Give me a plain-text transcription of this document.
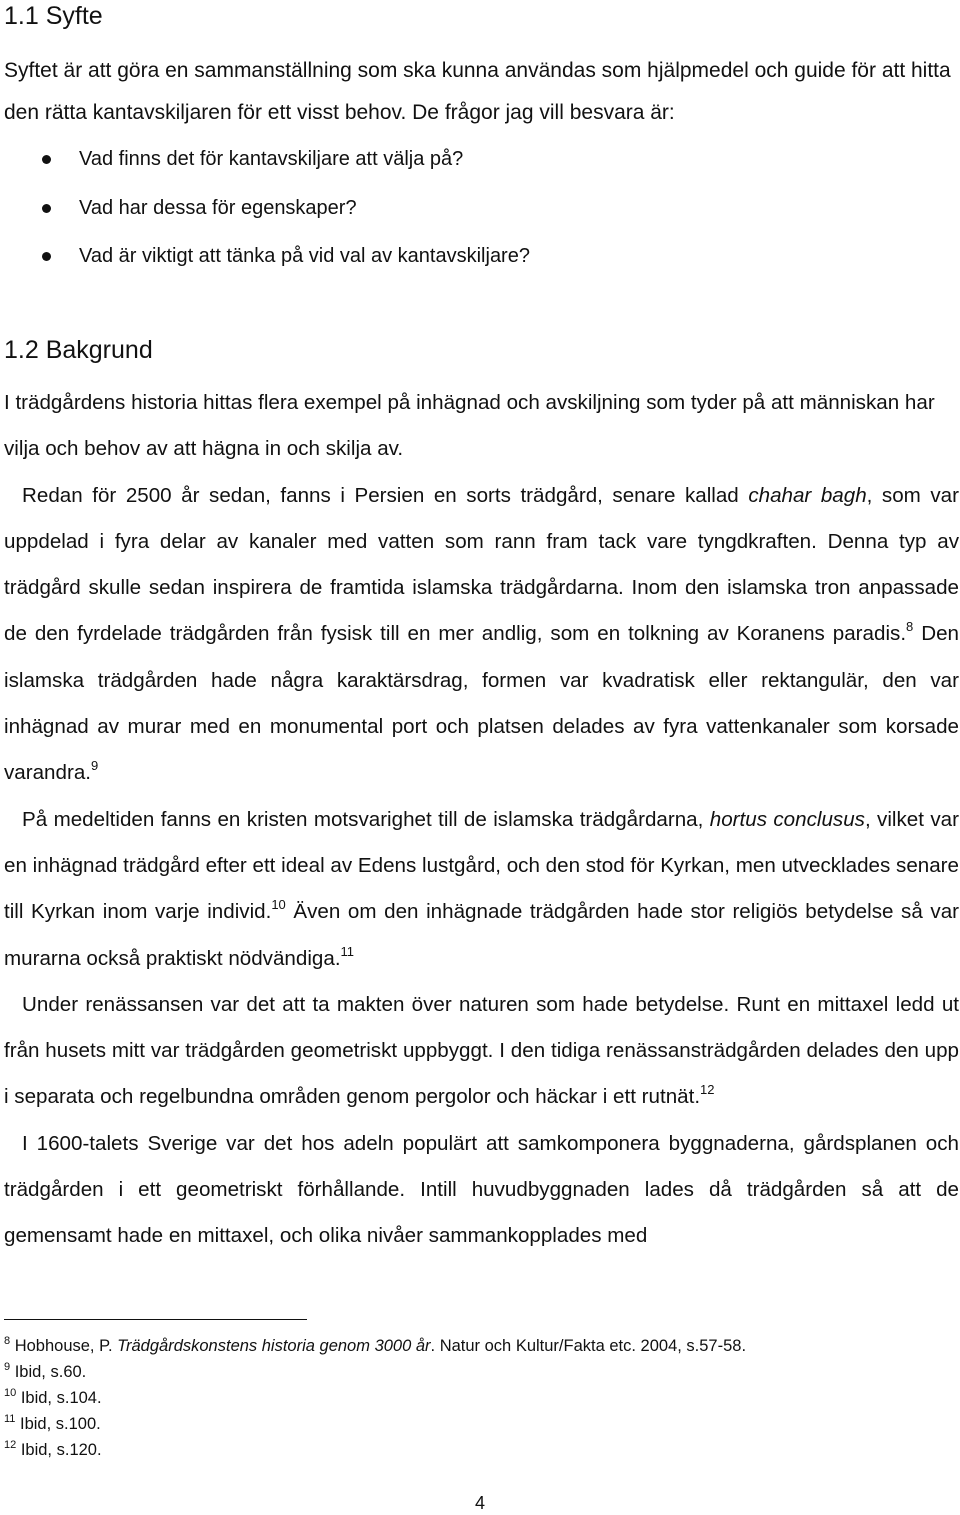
1.1 Syfte

Syftet är att göra en sammanställning som ska kunna användas som hjälpmedel och guide för att hitta den rätta kantavskiljaren för ett visst behov. De frågor jag vill besvara är:

Vad finns det för kantavskiljare att välja på?
Vad har dessa för egenskaper?
Vad är viktigt att tänka på vid val av kantavskiljare?
1.2 Bakgrund

I trädgårdens historia hittas flera exempel på inhägnad och avskiljning som tyder på att människan har vilja och behov av att hägna in och skilja av.

Redan för 2500 år sedan, fanns i Persien en sorts trädgård, senare kallad chahar bagh, som var uppdelad i fyra delar av kanaler med vatten som rann fram tack vare tyngdkraften. Denna typ av trädgård skulle sedan inspirera de framtida islamska trädgårdarna. Inom den islamska tron anpassade de den fyrdelade trädgården från fysisk till en mer andlig, som en tolkning av Koranens paradis.$^8$ Den islamska trädgården hade några karaktärsdrag, formen var kvadratisk eller rektangulär, den var inhägnad av murar med en monumental port och platsen delades av fyra vattenkanaler som korsade varandra.$^9$

På medeltiden fanns en kristen motsvarighet till de islamska trädgårdarna, hortus conclusus, vilket var en inhägnad trädgård efter ett ideal av Edens lustgård, och den stod för Kyrkan, men utvecklades senare till Kyrkan inom varje individ.$^{10}$ Även om den inhägnade trädgården hade stor religiös betydelse så var murarna också praktiskt nödvändiga.$^{11}$

Under renässansen var det att ta makten över naturen som hade betydelse. Runt en mittaxel ledd ut från husets mitt var trädgården geometriskt uppbyggt. I den tidiga renässansträdgården delades den upp i separata och regelbundna områden genom pergolor och häckar i ett rutnät.$^{12}$

I 1600-talets Sverige var det hos adeln populärt att samkomponera byggnaderna, gårdsplanen och trädgården i ett geometriskt förhållande. Intill huvudbyggnaden lades då trädgården så att de gemensamt hade en mittaxel, och olika nivåer sammankopplades med

$^8$ Hobhouse, P. Trädgårdskonstens historia genom 3000 år. Natur och Kultur/Fakta etc. 2004, s.57-58.
$^9$ Ibid, s.60.
$^{10}$ Ibid, s.104.
$^{11}$ Ibid, s.100.
$^{12}$ Ibid, s.120.
4
